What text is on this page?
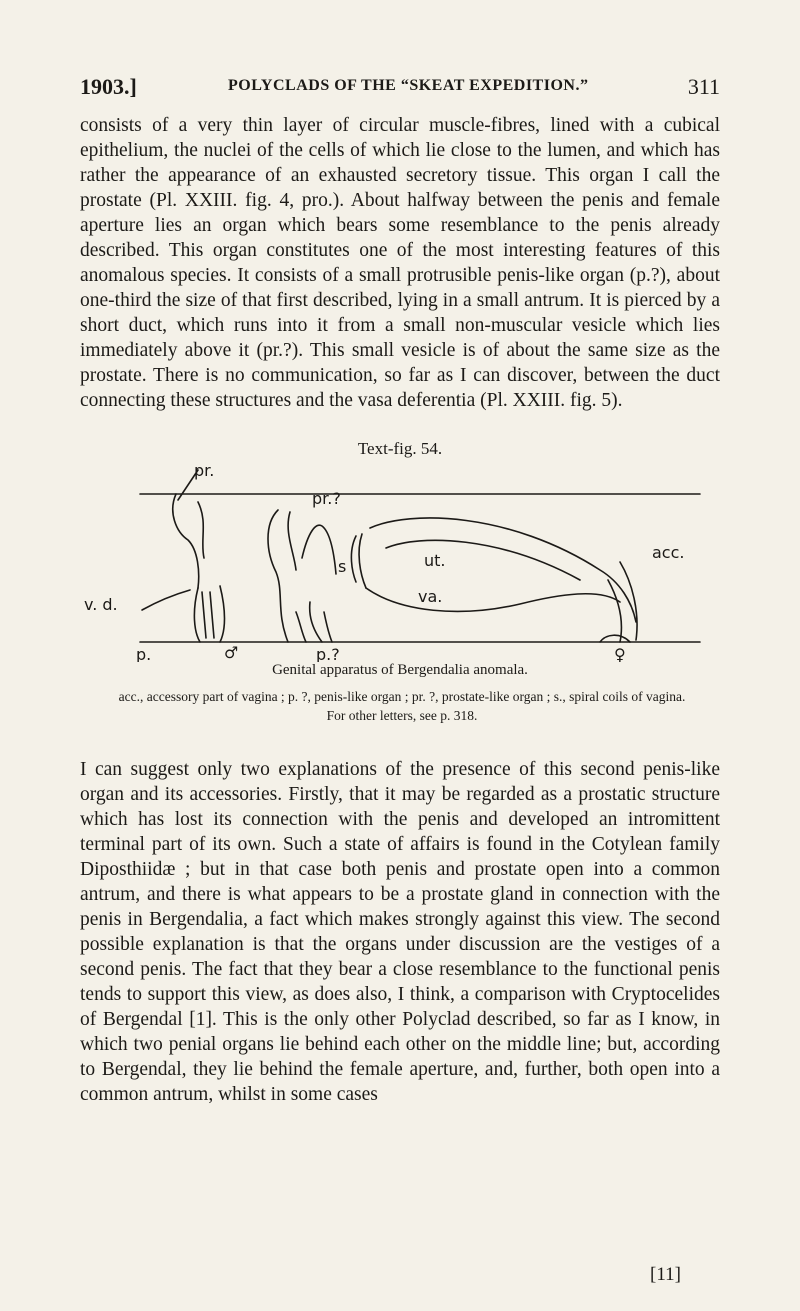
1903.]	POLYCLADS OF THE “SKEAT EXPEDITION.”	311

consists of a very thin layer of circular muscle-fibres, lined with a cubical epithelium, the nuclei of the cells of which lie close to the lumen, and which has rather the appearance of an exhausted secretory tissue. This organ I call the prostate (Pl. XXIII. fig. 4, pro.). About halfway between the penis and female aperture lies an organ which bears some resemblance to the penis already described. This organ constitutes one of the most interesting features of this anomalous species. It consists of a small protrusible penis-like organ (p.?), about one-third the size of that first described, lying in a small antrum. It is pierced by a short duct, which runs into it from a small non-muscular vesicle which lies immediately above it (pr.?). This small vesicle is of about the same size as the prostate. There is no communication, so far as I can discover, between the duct connecting these structures and the vasa deferentia (Pl. XXIII. fig. 5).

Text-fig. 54.
pr.
pr.?
v. d.
s	ut.	acc.
va.
p.	♂	p.?	♀
Genital apparatus of Bergendalia anomala.
acc., accessory part of vagina ; p. ?, penis-like organ ; pr. ?, prostate-like organ ; s., spiral coils of vagina. For other letters, see p. 318.

I can suggest only two explanations of the presence of this second penis-like organ and its accessories. Firstly, that it may be regarded as a prostatic structure which has lost its connection with the penis and developed an intromittent terminal part of its own. Such a state of affairs is found in the Cotylean family Diposthiidæ ; but in that case both penis and prostate open into a common antrum, and there is what appears to be a prostate gland in connection with the penis in Bergendalia, a fact which makes strongly against this view. The second possible explanation is that the organs under discussion are the vestiges of a second penis. The fact that they bear a close resemblance to the functional penis tends to support this view, as does also, I think, a comparison with Cryptocelides of Bergendal [1]. This is the only other Polyclad described, so far as I know, in which two penial organs lie behind each other on the middle line; but, according to Bergendal, they lie behind the female aperture, and, further, both open into a common antrum, whilst in some cases

[11]
